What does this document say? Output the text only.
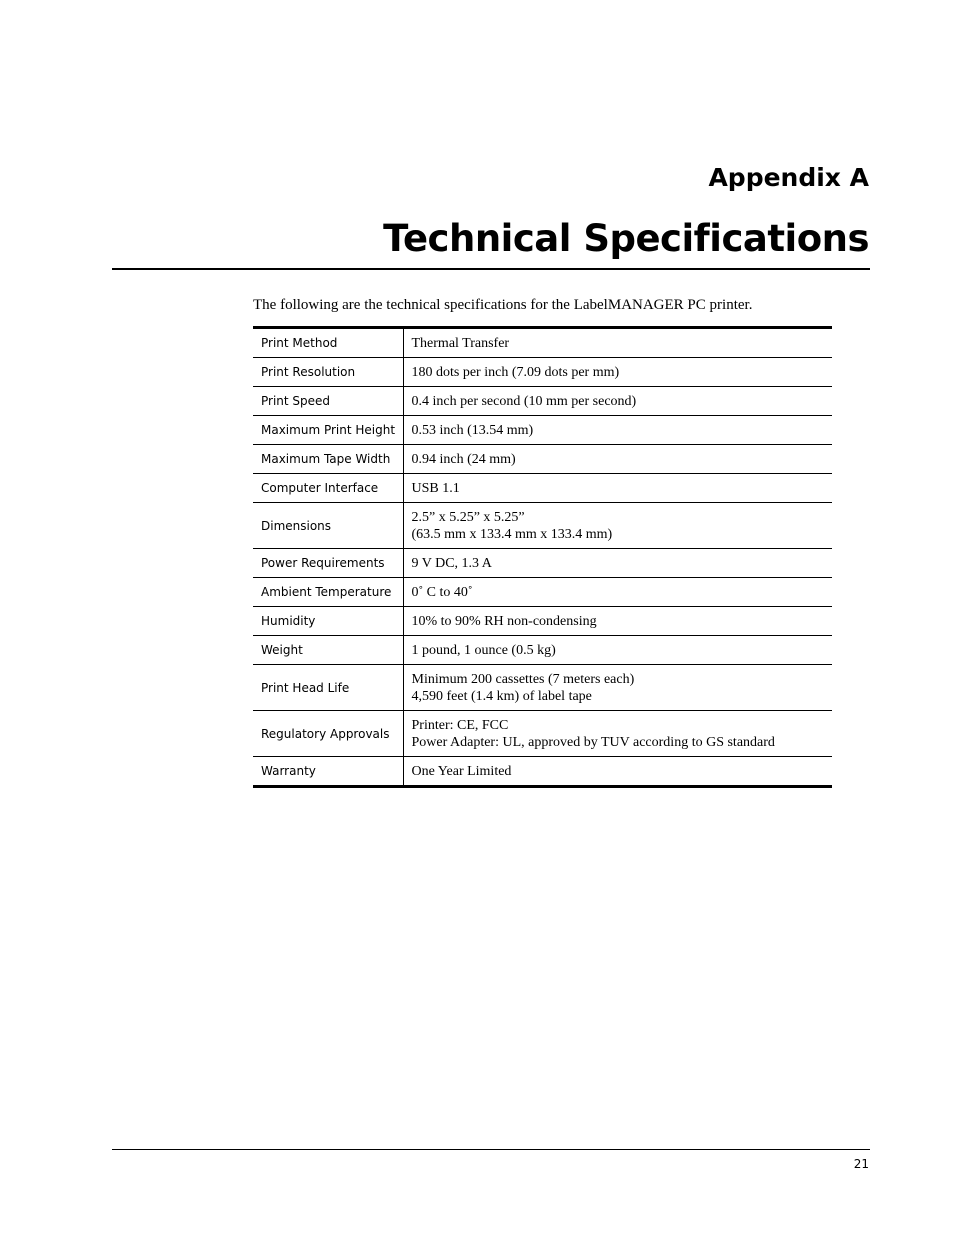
Appendix A
Technical Specifications

The following are the technical specifications for the LabelMANAGER PC printer.

Print Method	Thermal Transfer

Print Resolution	180 dots per inch (7.09 dots per mm)

Print Speed	0.4 inch per second (10 mm per second)

Maximum Print Height	0.53 inch (13.54 mm)

Maximum Tape Width	0.94 inch (24 mm)

Computer Interface	USB 1.1

Dimensions	2.5” x 5.25” x 5.25”
(63.5 mm x 133.4 mm x 133.4 mm)

Power Requirements	9 V DC, 1.3 A

Ambient Temperature	0˚ C to 40˚

Humidity	10% to 90% RH non-condensing

Weight	1 pound, 1 ounce (0.5 kg)

Print Head Life	Minimum 200 cassettes (7 meters each)
4,590 feet (1.4 km) of label tape

Regulatory Approvals	Printer: CE, FCC
Power Adapter: UL, approved by TUV according to GS standard

Warranty	One Year Limited

21
